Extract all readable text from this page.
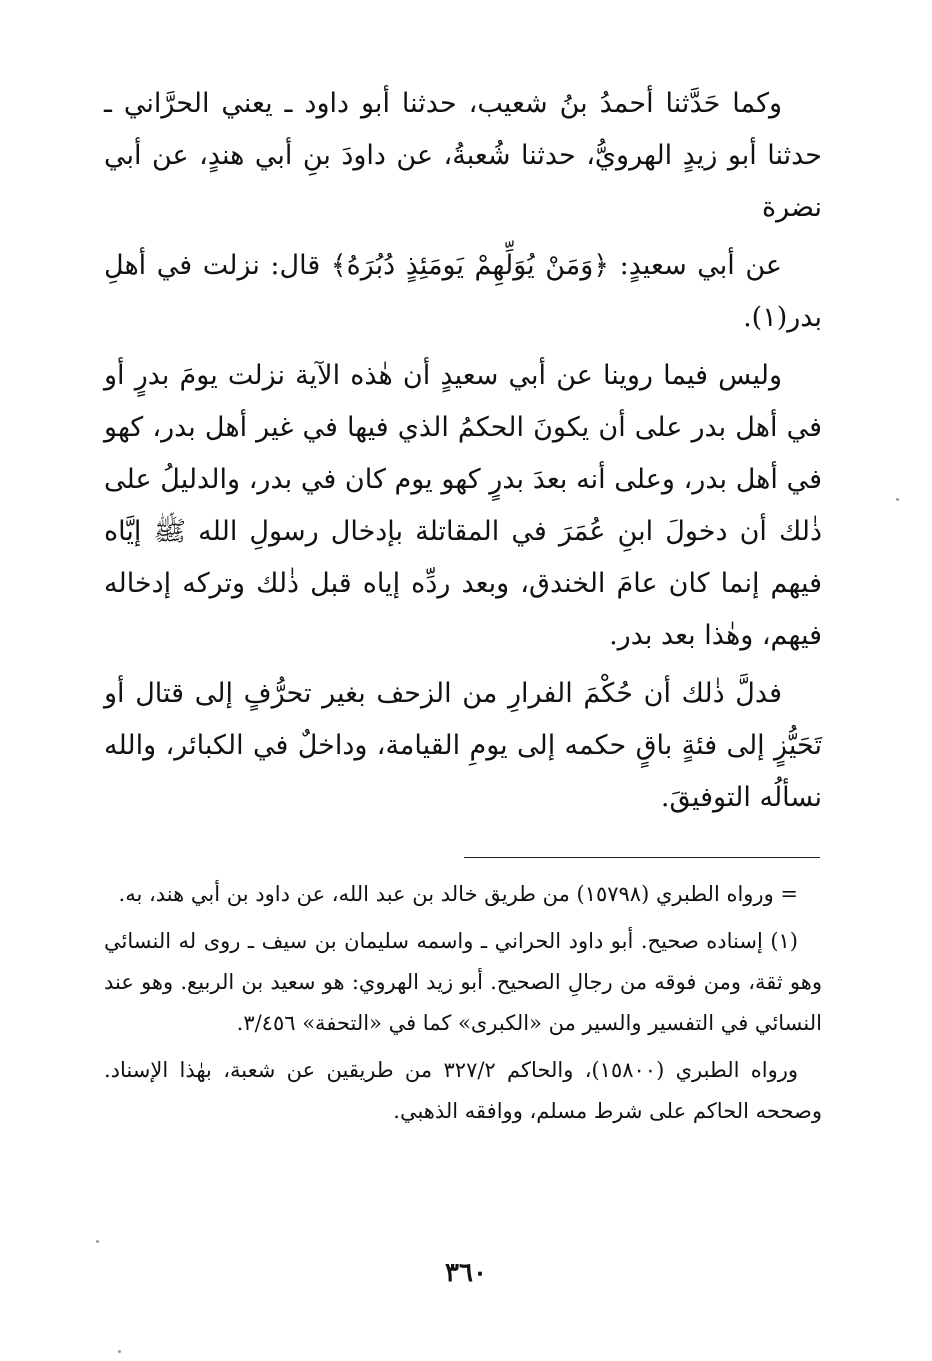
وكما حَدَّثنا أحمدُ بنُ شعيب، حدثنا أبو داود ـ يعني الحرَّاني ـ حدثنا أبو زيدٍ الهرويُّ، حدثنا شُعبةُ، عن داودَ بنِ أبي هندٍ، عن أبي نضرة

عن أبي سعيدٍ: ﴿وَمَنْ يُوَلِّهِمْ يَومَئِذٍ دُبُرَهُ﴾ قال: نزلت في أهلِ بدر(١).

وليس فيما روينا عن أبي سعيدٍ أن هٰذه الآية نزلت يومَ بدرٍ أو في أهل بدر على أن يكونَ الحكمُ الذي فيها في غير أهل بدر، كهو في أهل بدر، وعلى أنه بعدَ بدرٍ كهو يوم كان في بدر، والدليلُ على ذٰلك أن دخولَ ابنِ عُمَرَ في المقاتلة بإدخال رسولِ الله ﷺ إيَّاه فيهم إنما كان عامَ الخندق، وبعد ردِّه إياه قبل ذٰلك وتركه إدخاله فيهم، وهٰذا بعد بدر.

فدلَّ ذٰلك أن حُكْمَ الفرارِ من الزحف بغير تحرُّفٍ إلى قتال أو تَحَيُّزٍ إلى فئةٍ باقٍ حكمه إلى يومِ القيامة، وداخلٌ في الكبائر، والله نسألُه التوفيقَ.

= ورواه الطبري (١٥٧٩٨) من طريق خالد بن عبد الله، عن داود بن أبي هند، به.

(١) إسناده صحيح. أبو داود الحراني ـ واسمه سليمان بن سيف ـ روى له النسائي وهو ثقة، ومن فوقه من رجالِ الصحيح. أبو زيد الهروي: هو سعيد بن الربيع. وهو عند النسائي في التفسير والسير من «الكبرى» كما في «التحفة» ٣/٤٥٦.

ورواه الطبري (١٥٨٠٠)، والحاكم ٣٢٧/٢ من طريقين عن شعبة، بهٰذا الإسناد. وصححه الحاكم على شرط مسلم، ووافقه الذهبي.

٣٦٠
